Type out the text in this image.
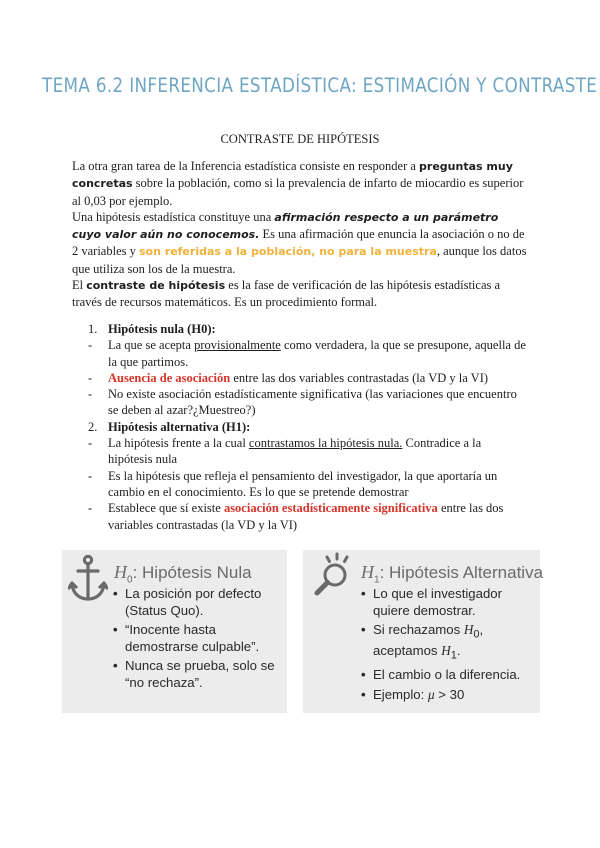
TEMA 6.2 INFERENCIA ESTADÍSTICA: ESTIMACIÓN Y CONTRASTE
CONTRASTE DE HIPÓTESIS

La otra gran tarea de la Inferencia estadística consiste en responder a preguntas muy concretas sobre la población, como si la prevalencia de infarto de miocardio es superior al 0,03 por ejemplo.

Una hipótesis estadística constituye una afirmación respecto a un parámetro cuyo valor aún no conocemos. Es una afirmación que enuncia la asociación o no de 2 variables y son referidas a la población, no para la muestra, aunque los datos que utiliza son los de la muestra.

El contraste de hipótesis es la fase de verificación de las hipótesis estadísticas a través de recursos matemáticos. Es un procedimiento formal.

1. Hipótesis nula (H0):
-	La que se acepta provisionalmente como verdadera, la que se presupone, aquella de la que partimos.
-	Ausencia de asociación entre las dos variables contrastadas (la VD y la VI)
-	No existe asociación estadísticamente significativa (las variaciones que encuentro se deben al azar?¿Muestreo?)
2. Hipótesis alternativa (H1):
-	La hipótesis frente a la cual contrastamos la hipótesis nula. Contradice a la hipótesis nula
-	Es la hipótesis que refleja el pensamiento del investigador, la que aportaría un cambio en el conocimiento. Es lo que se pretende demostrar
-	Establece que sí existe asociación estadísticamente significativa entre las dos variables contrastadas (la VD y la VI)
$H_0$: Hipótesis Nula
• La posición por defecto (Status Quo).
• “Inocente hasta demostrarse culpable”.
• Nunca se prueba, solo se “no rechaza”.
$H_1$: Hipótesis Alternativa
• Lo que el investigador quiere demostrar.
• Si rechazamos $H_0$,
aceptamos $H_1$.
• El cambio o la diferencia.
• Ejemplo: μ > 30
